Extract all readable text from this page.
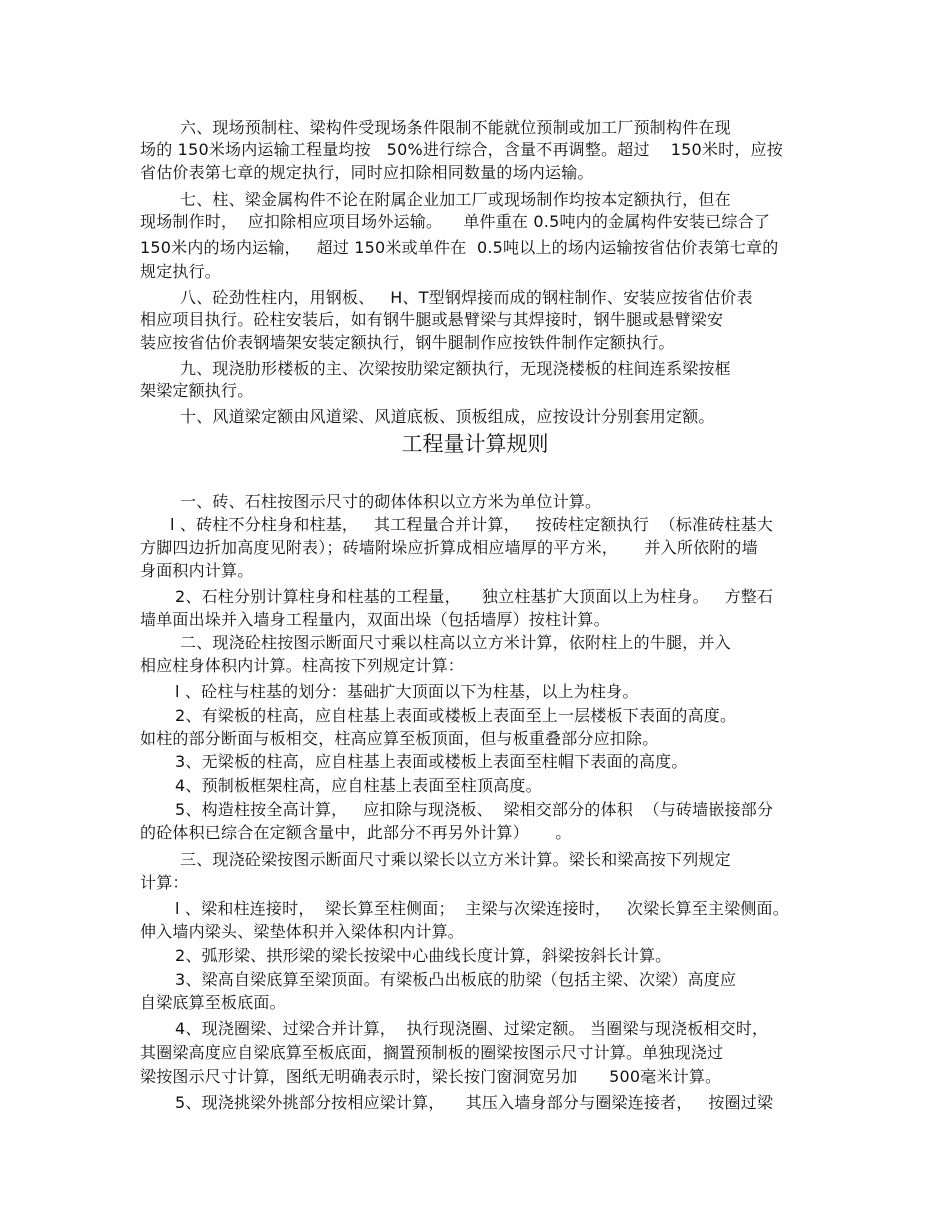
六、现场预制柱、梁构件受现场条件限制不能就位预制或加工厂预制构件在现
场的 150米场内运输工程量均按   50%进行综合，含量不再调整。超过    150米时，应按
省估价表第七章的规定执行，同时应扣除相同数量的场内运输。
七、柱、梁金属构件不论在附属企业加工厂或现场制作均按本定额执行，但在
现场制作时，  应扣除相应项目场外运输。    单件重在 0.5吨内的金属构件安装已综合了
150米内的场内运输，   超过 150米或单件在  0.5吨以上的场内运输按省估价表第七章的
规定执行。
八、砼劲性柱内，用钢板、   H、T型钢焊接而成的钢柱制作、安装应按省估价表
相应项目执行。砼柱安装后，如有钢牛腿或悬臂梁与其焊接时，钢牛腿或悬臂梁安
装应按省估价表钢墙架安装定额执行，钢牛腿制作应按铁件制作定额执行。
九、现浇肋形楼板的主、次梁按肋梁定额执行，无现浇楼板的柱间连系梁按框
架梁定额执行。
十、风道梁定额由风道梁、风道底板、顶板组成，应按设计分别套用定额。
工程量计算规则
一、砖、石柱按图示尺寸的砌体体积以立方米为单位计算。
l 、砖柱不分柱身和柱基，   其工程量合并计算，   按砖柱定额执行  （标准砖柱基大
方脚四边折加高度见附表）；砖墙附垛应折算成相应墙厚的平方米，     并入所依附的墙
身面积内计算。
2、石柱分别计算柱身和柱基的工程量，    独立柱基扩大顶面以上为柱身。   方整石
墙单面出垛并入墙身工程量内，双面出垛（包括墙厚）按柱计算。
二、现浇砼柱按图示断面尺寸乘以柱高以立方米计算，依附柱上的牛腿，并入
相应柱身体积内计算。柱高按下列规定计算：
l 、砼柱与柱基的划分：基础扩大顶面以下为柱基，以上为柱身。
2、有梁板的柱高，应自柱基上表面或楼板上表面至上一层楼板下表面的高度。
如柱的部分断面与板相交，柱高应算至板顶面，但与板重叠部分应扣除。
3、无梁板的柱高，应自柱基上表面或楼板上表面至柱帽下表面的高度。
4、预制板框架柱高，应自柱基上表面至柱顶高度。
5、构造柱按全高计算，   应扣除与现浇板、  梁相交部分的体积  （与砖墙嵌接部分
的砼体积已综合在定额含量中，此部分不再另外计算）     。
三、现浇砼梁按图示断面尺寸乘以梁长以立方米计算。梁长和梁高按下列规定
计算：
l 、梁和柱连接时，  梁长算至柱侧面；  主梁与次梁连接时，   次梁长算至主梁侧面。
伸入墙内梁头、梁垫体积并入梁体积内计算。
2、弧形梁、拱形梁的梁长按梁中心曲线长度计算，斜梁按斜长计算。
3、梁高自梁底算至梁顶面。有梁板凸出板底的肋梁（包括主梁、次梁）高度应
自梁底算至板底面。
4、现浇圈梁、过梁合并计算，  执行现浇圈、过梁定额。 当圈梁与现浇板相交时，
其圈梁高度应自梁底算至板底面，搁置预制板的圈梁按图示尺寸计算。单独现浇过
梁按图示尺寸计算，图纸无明确表示时，梁长按门窗洞宽另加      500毫米计算。
5、现浇挑梁外挑部分按相应梁计算，    其压入墙身部分与圈梁连接者，   按圈过梁
